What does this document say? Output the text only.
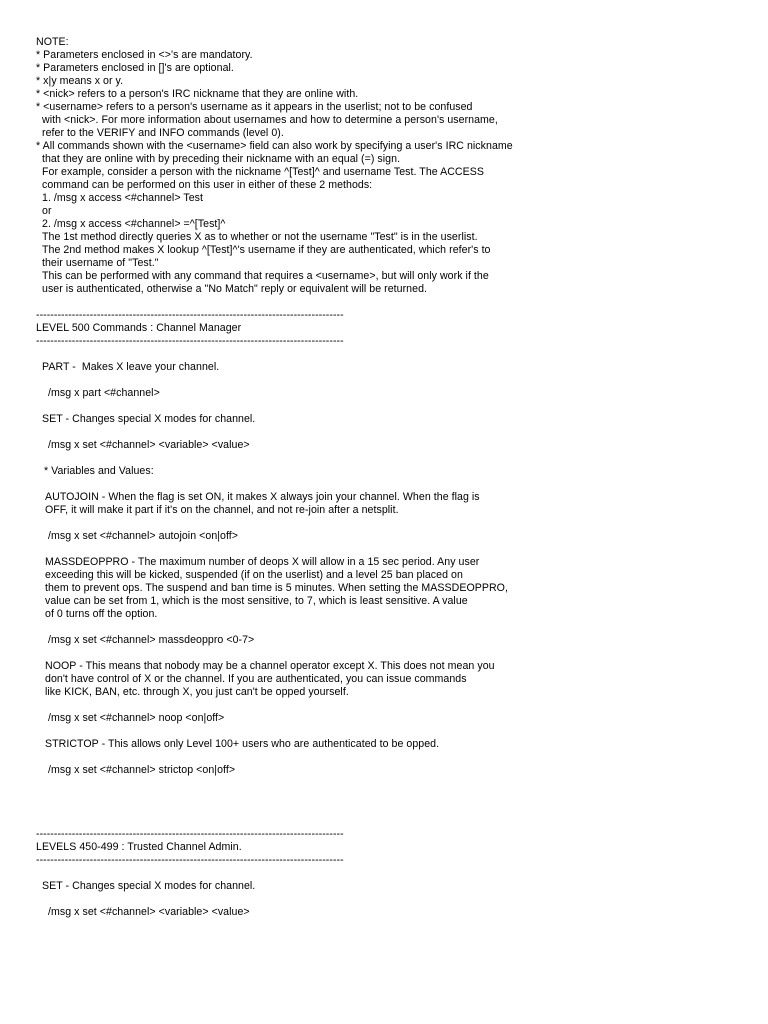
NOTE:
* Parameters enclosed in <>'s are mandatory.
* Parameters enclosed in []'s are optional.
* x|y means x or y.
* <nick> refers to a person's IRC nickname that they are online with.
* <username> refers to a person's username as it appears in the userlist; not to be confused
with <nick>. For more information about usernames and how to determine a person's username,
refer to the VERIFY and INFO commands (level 0).
* All commands shown with the <username> field can also work by specifying a user's IRC nickname
that they are online with by preceding their nickname with an equal (=) sign.
For example, consider a person with the nickname ^[Test]^ and username Test. The ACCESS
command can be performed on this user in either of these 2 methods:
1. /msg x access <#channel> Test
or
2. /msg x access <#channel> =^[Test]^
The 1st method directly queries X as to whether or not the username "Test" is in the userlist.
The 2nd method makes X lookup ^[Test]^'s username if they are authenticated, which refer's to
their username of "Test."
This can be performed with any command that requires a <username>, but will only work if the
user is authenticated, otherwise a "No Match" reply or equivalent will be returned.
--------------------------------------------------------------------------------------
LEVEL 500 Commands : Channel Manager
--------------------------------------------------------------------------------------
PART -  Makes X leave your channel.
/msg x part <#channel>
SET - Changes special X modes for channel.
/msg x set <#channel> <variable> <value>
* Variables and Values:
AUTOJOIN - When the flag is set ON, it makes X always join your channel. When the flag is
OFF, it will make it part if it's on the channel, and not re-join after a netsplit.
/msg x set <#channel> autojoin <on|off>
MASSDEOPPRO - The maximum number of deops X will allow in a 15 sec period. Any user
exceeding this will be kicked, suspended (if on the userlist) and a level 25 ban placed on
them to prevent ops. The suspend and ban time is 5 minutes. When setting the MASSDEOPPRO,
value can be set from 1, which is the most sensitive, to 7, which is least sensitive. A value
of 0 turns off the option.
/msg x set <#channel> massdeoppro <0-7>
NOOP - This means that nobody may be a channel operator except X. This does not mean you
don't have control of X or the channel. If you are authenticated, you can issue commands
like KICK, BAN, etc. through X, you just can't be opped yourself.
/msg x set <#channel> noop <on|off>
STRICTOP - This allows only Level 100+ users who are authenticated to be opped.
/msg x set <#channel> strictop <on|off>
--------------------------------------------------------------------------------------
LEVELS 450-499 : Trusted Channel Admin.
--------------------------------------------------------------------------------------
SET - Changes special X modes for channel.
/msg x set <#channel> <variable> <value>
